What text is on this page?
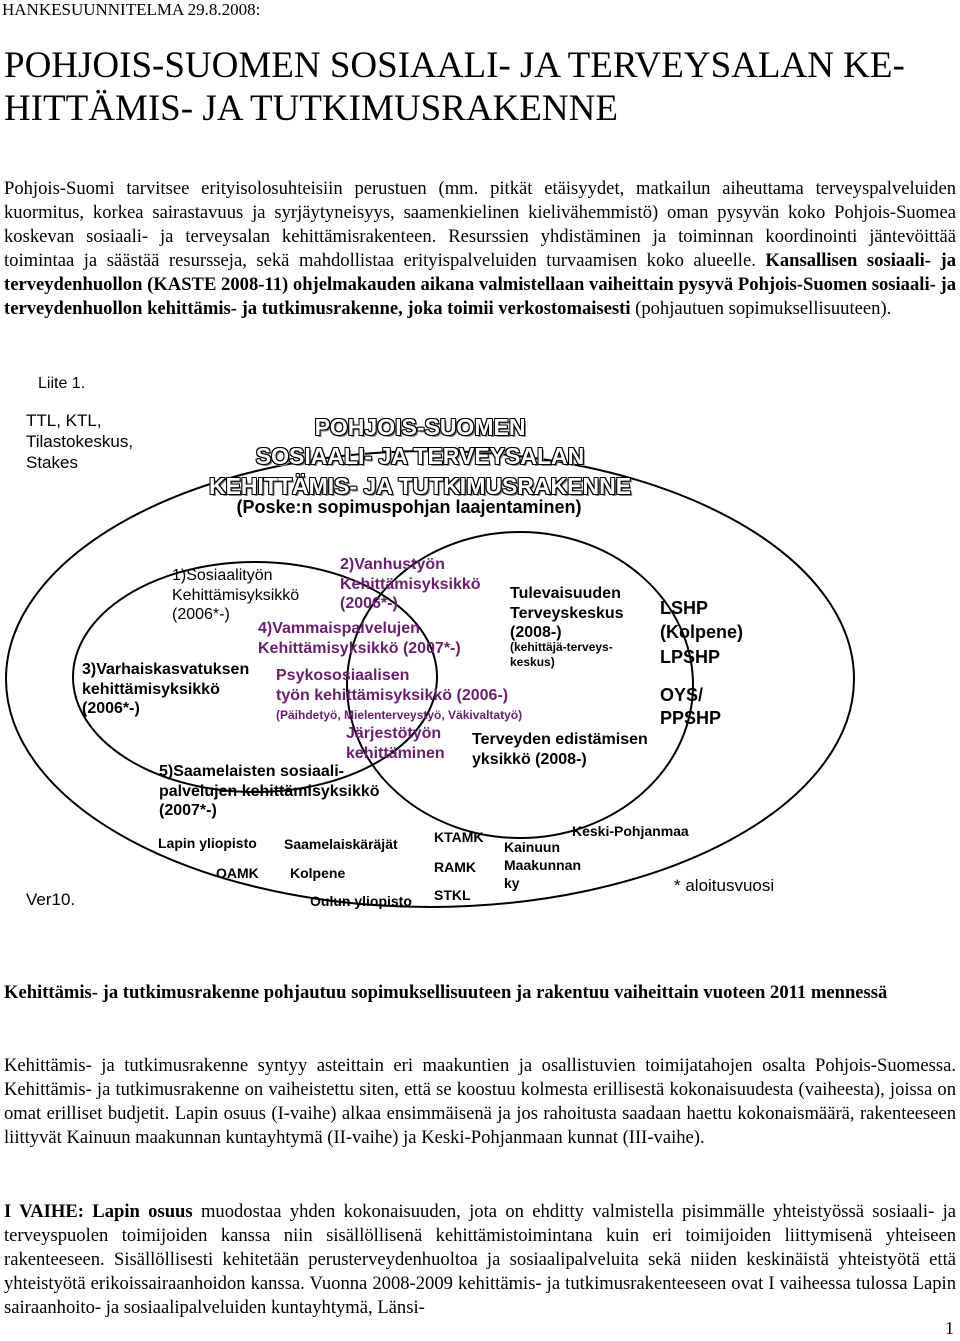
HANKESUUNNITELMA 29.8.2008:
POHJOIS-SUOMEN SOSIAALI- JA TERVEYSALAN KE-
HITTÄMIS- JA TUTKIMUSRAKENNE
Pohjois-Suomi tarvitsee erityisolosuhteisiin perustuen (mm. pitkät etäisyydet, matkailun aiheuttama terveyspalveluiden kuormitus, korkea sairastavuus ja syrjäytyneisyys, saamenkielinen kielivähemmistö) oman pysyvän koko Pohjois-Suomea koskevan sosiaali- ja terveysalan kehittämisrakenteen. Resurssien yhdistäminen ja toiminnan koordinointi jäntevöittää toimintaa ja säästää resursseja, sekä mahdollistaa erityispalveluiden turvaamisen koko alueelle. Kansallisen sosiaali- ja terveydenhuollon (KASTE 2008-11) ohjelmakauden aikana valmistellaan vaiheittain pysyvä Pohjois-Suomen sosiaali- ja terveydenhuollon kehittämis- ja tutkimusrakenne, joka toimii verkostomaisesti (pohjautuen sopimuksellisuuteen).
Liite 1.
TTL, KTL,
Tilastokeskus,
Stakes
POHJOIS-SUOMEN
SOSIAALI- JA TERVEYSALAN
KEHITTÄMIS- JA TUTKIMUSRAKENNE
(Poske:n sopimuspohjan laajentaminen)
1)Sosiaalityön
Kehittämisyksikkö
(2006*-)
2)Vanhustyön
Kehittämisyksikkö
(2006*-)
3)Varhaiskasvatuksen
kehittämisyksikkö
(2006*-)
4)Vammaispalvelujen
Kehittämisyksikkö (2007*-)
5)Saamelaisten sosiaali-
palvelujen kehittämisyksikkö
(2007*-)
Psykososiaalisen
työn kehittämisyksikkö (2006-)
(Päihdetyö, Mielenterveystyö, Väkivaltatyö)
Järjestötyön
kehittäminen
Tulevaisuuden
Terveyskeskus
(2008-)
(kehittäjä-terveys-
keskus)
Terveyden edistämisen
yksikkö (2008-)
LSHP
(Kolpene)
LPSHP
OYS/
PPSHP
Lapin yliopisto Saamelaiskäräjät
OAMK Kolpene
Oulun yliopisto
KTAMK
RAMK
STKL
Kainuun
Maakunnan
ky
Keski-Pohjanmaa
* aloitusvuosi
Ver10.
Kehittämis- ja tutkimusrakenne pohjautuu sopimuksellisuuteen ja rakentuu vaiheittain vuoteen 2011 mennessä
Kehittämis- ja tutkimusrakenne syntyy asteittain eri maakuntien ja osallistuvien toimijatahojen osalta Pohjois-Suomessa. Kehittämis- ja tutkimusrakenne on vaiheistettu siten, että se koostuu kolmesta erillisestä kokonaisuudesta (vaiheesta), joissa on omat erilliset budjetit. Lapin osuus (I-vaihe) alkaa ensimmäisenä ja jos rahoitusta saadaan haettu kokonaismäärä, rakenteeseen liittyvät Kainuun maakunnan kuntayhtymä (II-vaihe) ja Keski-Pohjanmaan kunnat (III-vaihe).
I VAIHE: Lapin osuus muodostaa yhden kokonaisuuden, jota on ehditty valmistella pisimmälle yhteistyössä sosiaali- ja terveyspuolen toimijoiden kanssa niin sisällöllisenä kehittämistoimintana kuin eri toimijoiden liittymisenä yhteiseen rakenteeseen. Sisällöllisesti kehitetään perusterveydenhuoltoa ja sosiaalipalveluita sekä niiden keskinäistä yhteistyötä että yhteistyötä erikoissairaanhoidon kanssa. Vuonna 2008-2009 kehittämis- ja tutkimusrakenteeseen ovat I vaiheessa tulossa Lapin sairaanhoito- ja sosiaalipalveluiden kuntayhtymä, Länsi-
1
